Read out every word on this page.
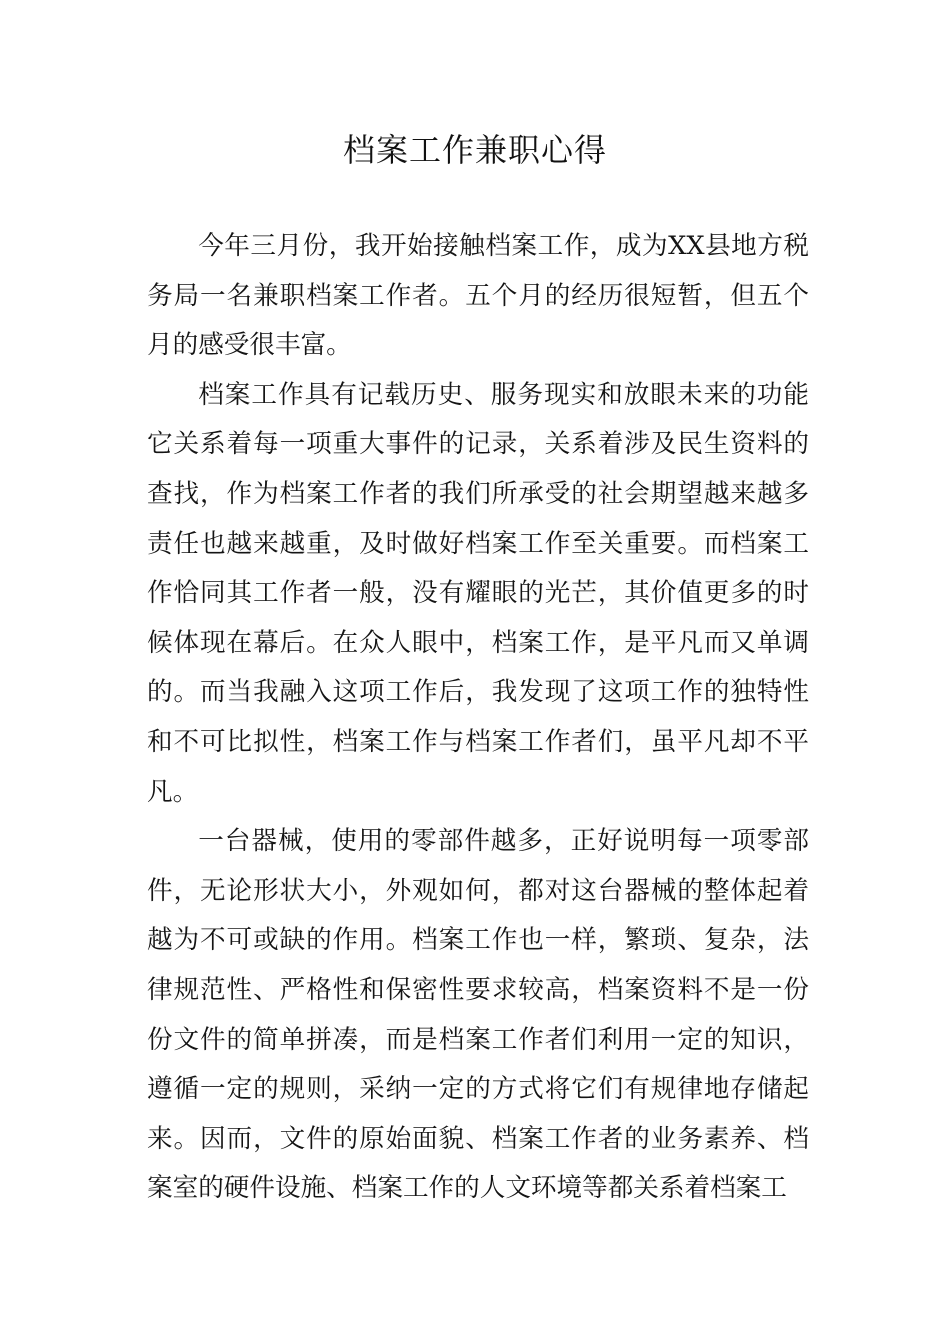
档案工作兼职心得

今年三月份，我开始接触档案工作，成为XX县地方税务局一名兼职档案工作者。五个月的经历很短暂，但五个月的感受很丰富。

档案工作具有记载历史、服务现实和放眼未来的功能它关系着每一项重大事件的记录，关系着涉及民生资料的查找，作为档案工作者的我们所承受的社会期望越来越多责任也越来越重，及时做好档案工作至关重要。而档案工作恰同其工作者一般，没有耀眼的光芒，其价值更多的时候体现在幕后。在众人眼中，档案工作，是平凡而又单调的。而当我融入这项工作后，我发现了这项工作的独特性和不可比拟性，档案工作与档案工作者们，虽平凡却不平凡。

一台器械，使用的零部件越多，正好说明每一项零部件，无论形状大小，外观如何，都对这台器械的整体起着越为不可或缺的作用。档案工作也一样，繁琐、复杂，法律规范性、严格性和保密性要求较高，档案资料不是一份份文件的简单拼凑，而是档案工作者们利用一定的知识，遵循一定的规则，采纳一定的方式将它们有规律地存储起来。因而，文件的原始面貌、档案工作者的业务素养、档案室的硬件设施、档案工作的人文环境等都关系着档案工
